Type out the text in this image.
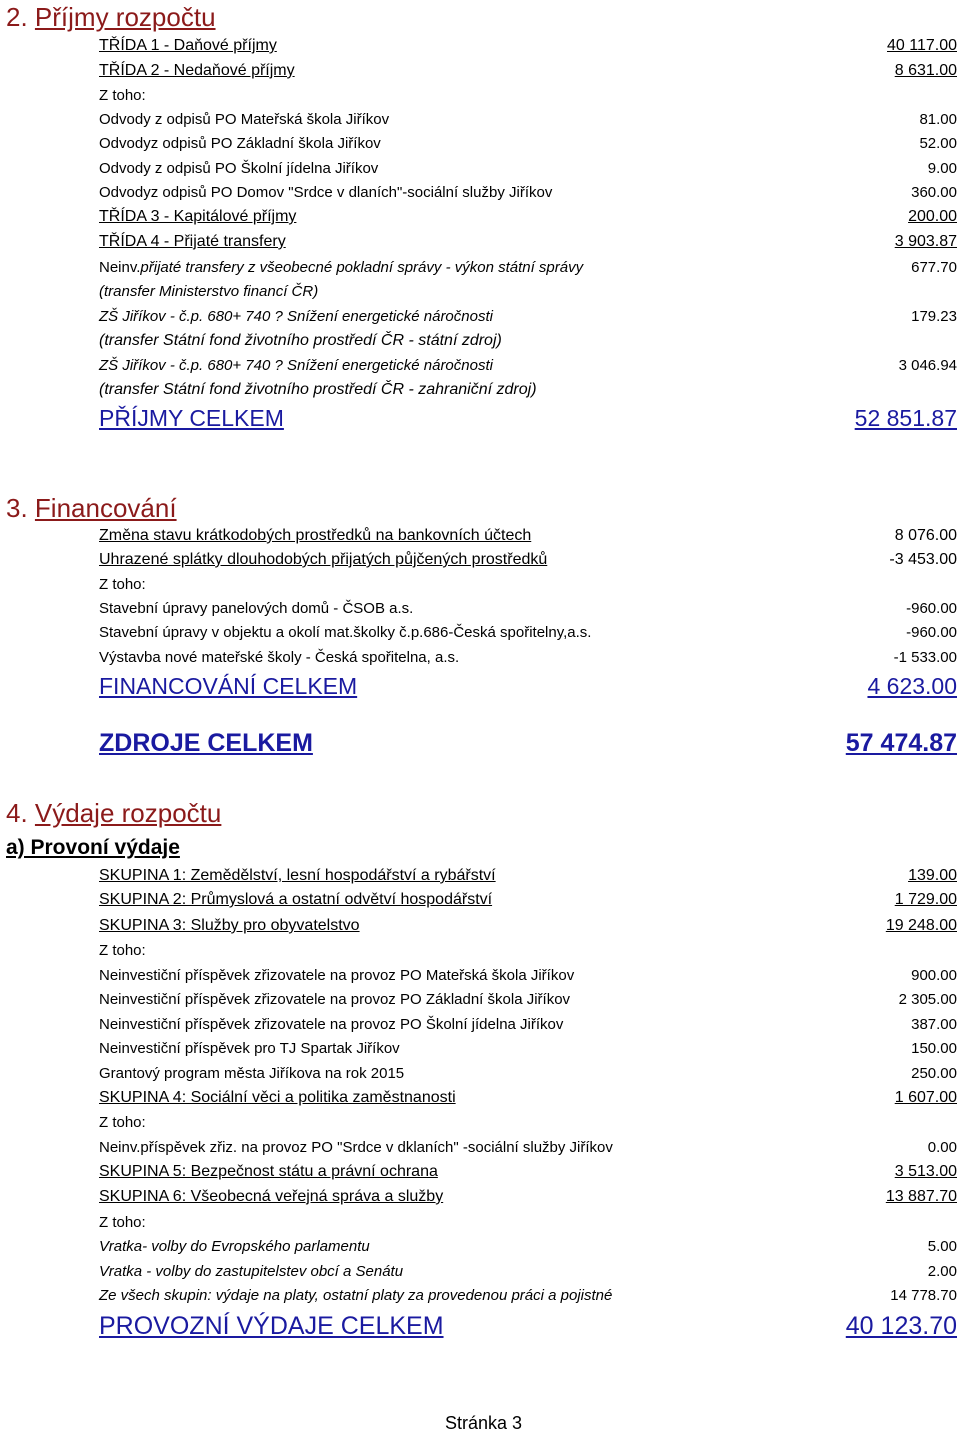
2. Příjmy rozpočtu
TŘÍDA 1 - Daňové příjmy	40 117.00
TŘÍDA 2 - Nedaňové příjmy	8 631.00
Z toho:
Odvody z odpisů PO Mateřská škola Jiříkov	81.00
Odvodyz odpisů PO Základní škola Jiříkov	52.00
Odvody z odpisů PO Školní jídelna Jiříkov	9.00
Odvodyz odpisů PO Domov "Srdce v dlaních"-sociální služby Jiříkov	360.00
TŘÍDA 3 - Kapitálové příjmy	200.00
TŘÍDA 4 - Přijaté transfery	3 903.87
Neinv.přijaté transfery z všeobecné pokladní správy - výkon státní správy	677.70
(transfer Ministerstvo financí ČR)
ZŠ Jiříkov - č.p. 680+ 740 ? Snížení energetické náročnosti	179.23
(transfer Státní fond životního prostředí ČR - státní zdroj)
ZŠ Jiříkov - č.p. 680+ 740 ? Snížení energetické náročnosti	3 046.94
(transfer Státní fond životního prostředí ČR - zahraniční zdroj)
PŘÍJMY CELKEM	52 851.87
3. Financování
Změna stavu krátkodobých prostředků na bankovních účtech	8 076.00
Uhrazené splátky dlouhodobých přijatých půjčených prostředků	-3 453.00
Z toho:
Stavební úpravy panelových domů - ČSOB a.s.	-960.00
Stavební úpravy v objektu a okolí mat.školky č.p.686-Česká spořitelny,a.s.	-960.00
Výstavba nové mateřské školy - Česká spořitelna, a.s.	-1 533.00
FINANCOVÁNÍ CELKEM	4 623.00
ZDROJE CELKEM	57 474.87
4. Výdaje rozpočtu
a) Provoní výdaje
SKUPINA 1: Zemědělství, lesní hospodářství a rybářství	139.00
SKUPINA 2: Průmyslová a ostatní odvětví hospodářství	1 729.00
SKUPINA 3: Služby pro obyvatelstvo	19 248.00
Z toho:
Neinvestiční příspěvek zřizovatele na provoz PO Mateřská škola Jiříkov	900.00
Neinvestiční příspěvek zřizovatele na provoz PO Základní škola Jiříkov	2 305.00
Neinvestiční příspěvek zřizovatele na provoz PO Školní jídelna Jiříkov	387.00
Neinvestiční příspěvek pro TJ Spartak Jiříkov	150.00
Grantový program města Jiříkova na rok 2015	250.00
SKUPINA 4: Sociální věci a politika zaměstnanosti	1 607.00
Z toho:
Neinv.příspěvek zřiz. na provoz PO "Srdce v dklaních" -sociální služby Jiříkov	0.00
SKUPINA 5: Bezpečnost státu a právní ochrana	3 513.00
SKUPINA 6: Všeobecná veřejná správa a služby	13 887.70
Z toho:
Vratka- volby do Evropského parlamentu	5.00
Vratka - volby do zastupitelstev obcí a Senátu	2.00
Ze všech skupin: výdaje na platy, ostatní platy za provedenou práci a pojistné	14 778.70
PROVOZNÍ VÝDAJE CELKEM	40 123.70
Stránka 3
